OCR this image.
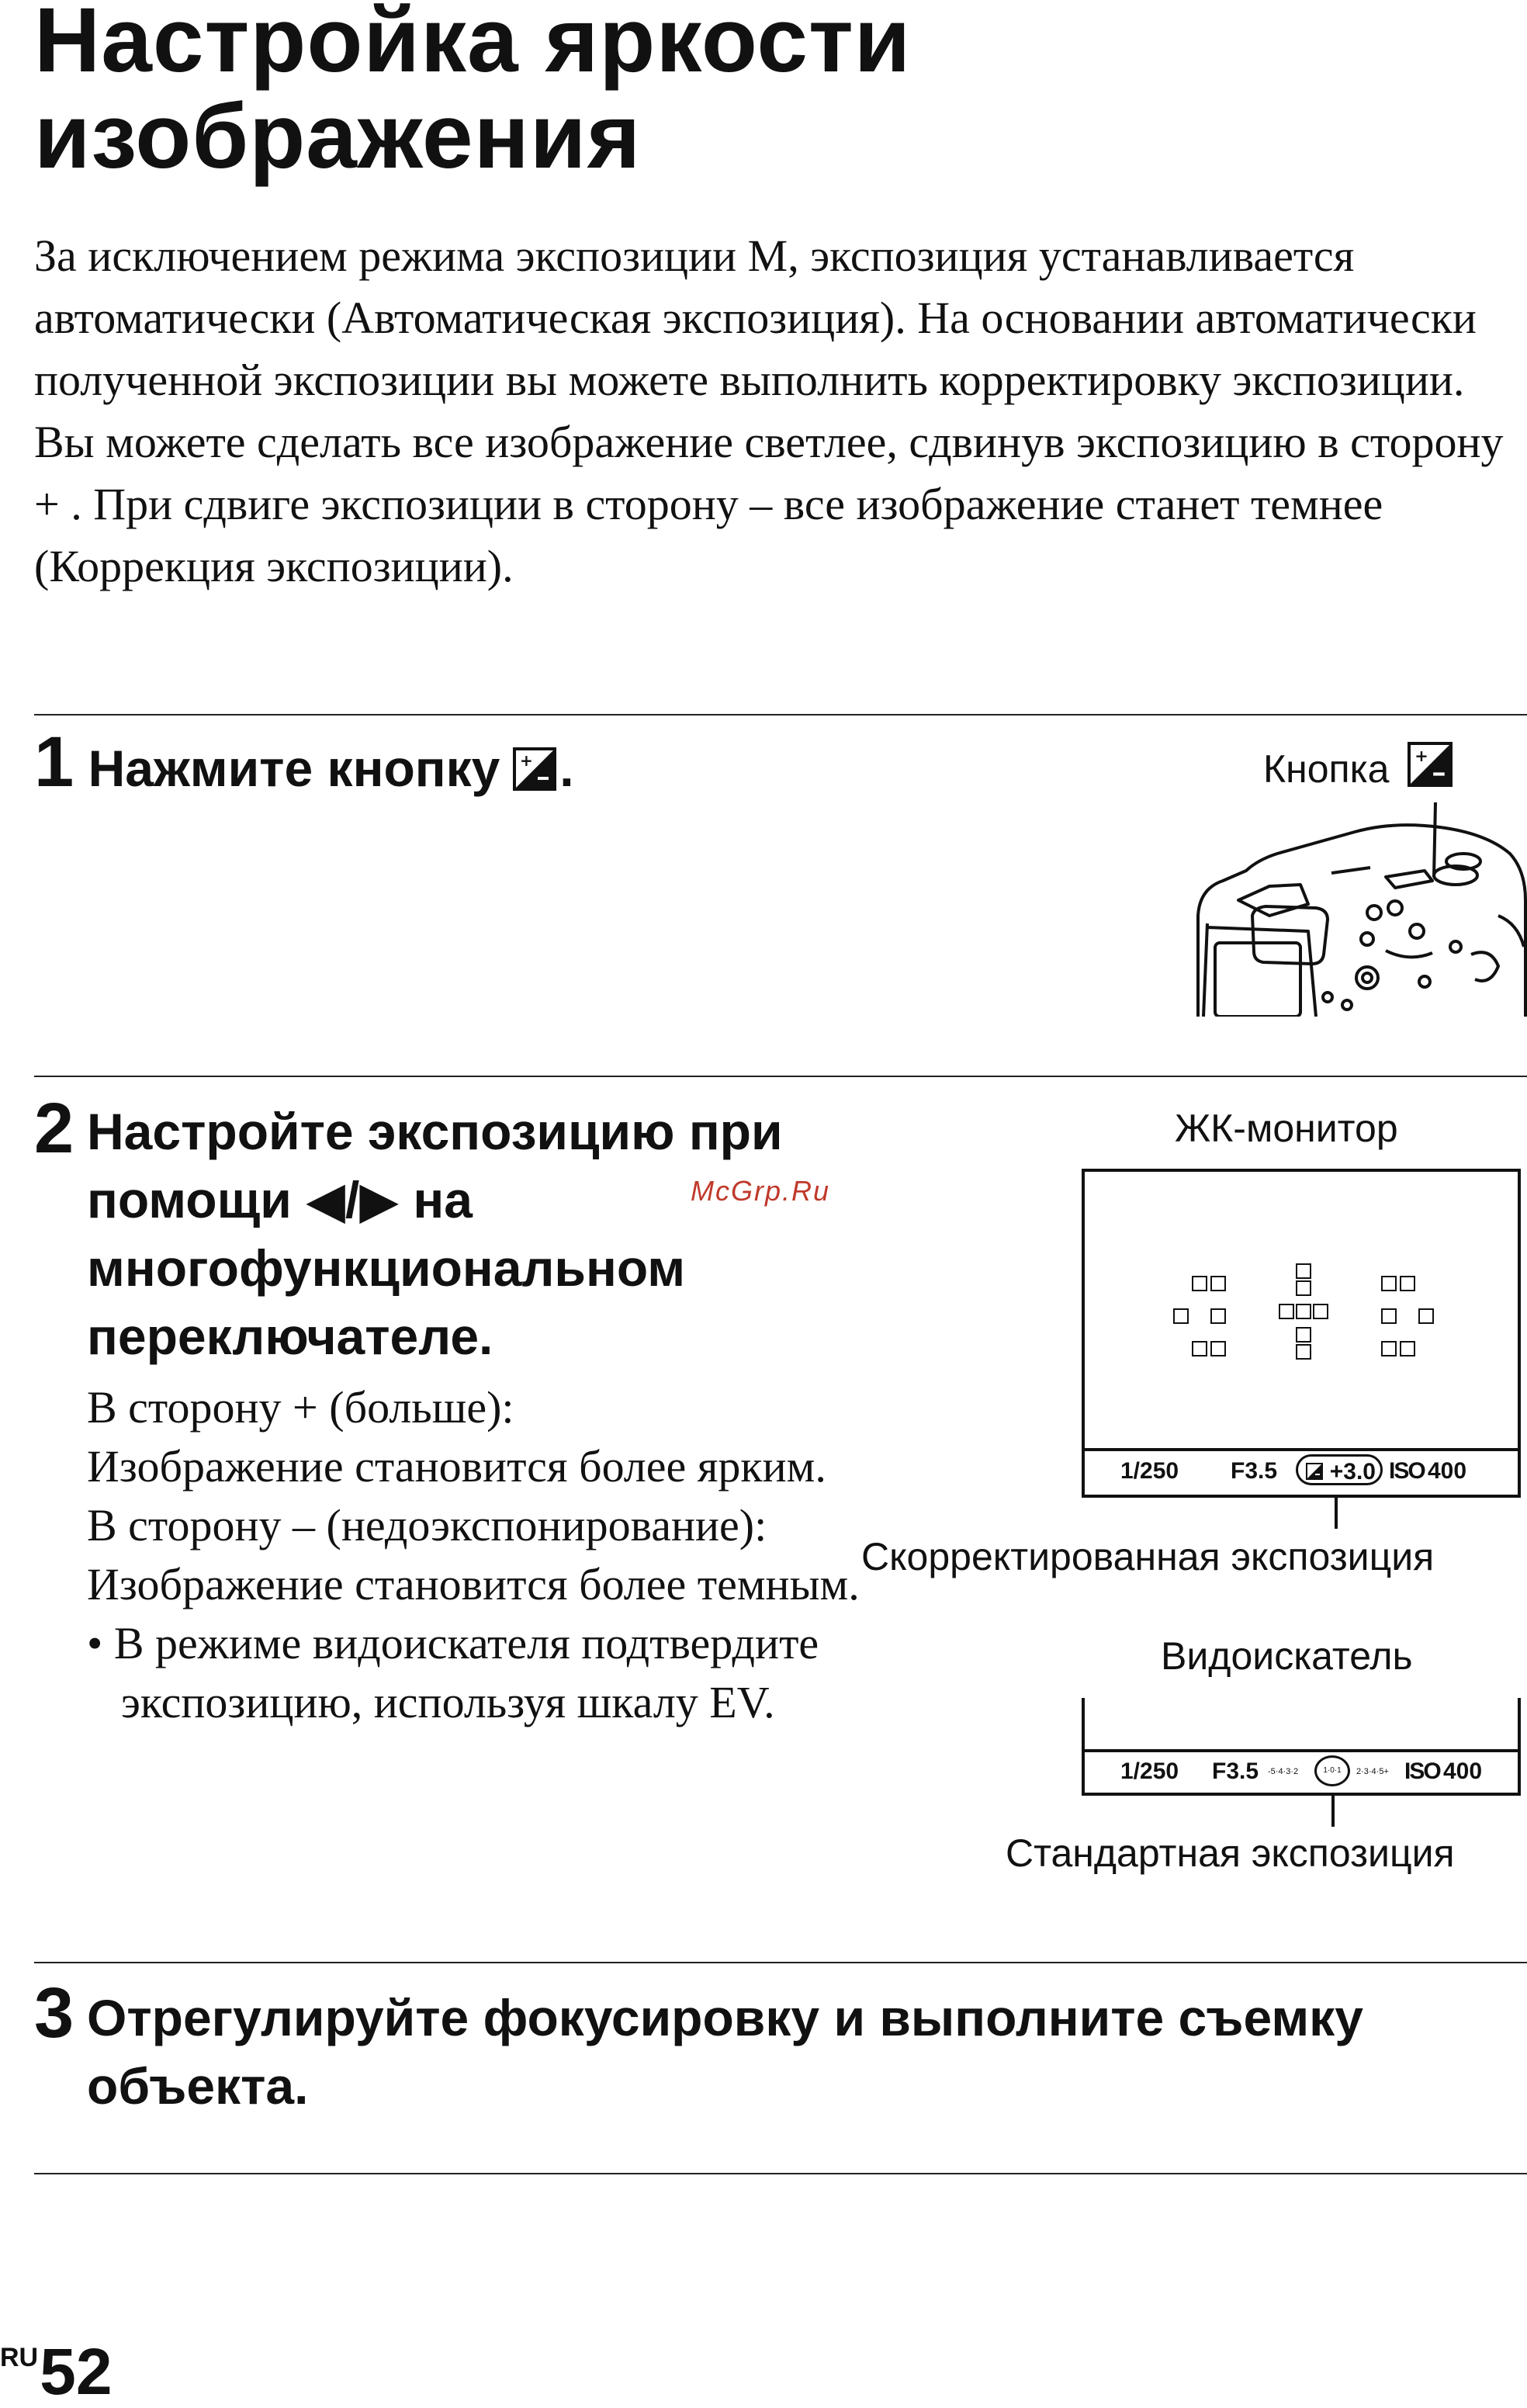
Настройка яркости
изображения
За исключением режима экспозиции M, экспозиция устанавливается автоматически (Автоматическая экспозиция). На основании автоматически полученной экспозиции вы можете выполнить корректировку экспозиции. Вы можете сделать все изображение светлее, сдвинув экспозицию в сторону + . При сдвиге экспозиции в сторону – все изображение станет темнее (Коррекция экспозиции).
1 Нажмите кнопку + .	Кнопка +
2 Настройте экспозицию при
помощи ◀/▶ на
многофункциональном
переключателе.
McGrp.Ru

В сторону + (больше):

Изображение становится более ярким.

В сторону – (недоэкспонирование):

Изображение становится более темным.

• В режиме видоискателя подтвердите экспозицию, используя шкалу EV.

ЖК-монитор
1/250 F3.5	+3.0 ISO 400
Скорректированная экспозиция
Видоискатель
1/250 F3.5 -5·4·3·2	1·0·1	2·3·4·5+ ISO 400
Стандартная экспозиция
3 Отрегулируйте фокусировку и выполните съемку
объекта.
$^{RU}$52
